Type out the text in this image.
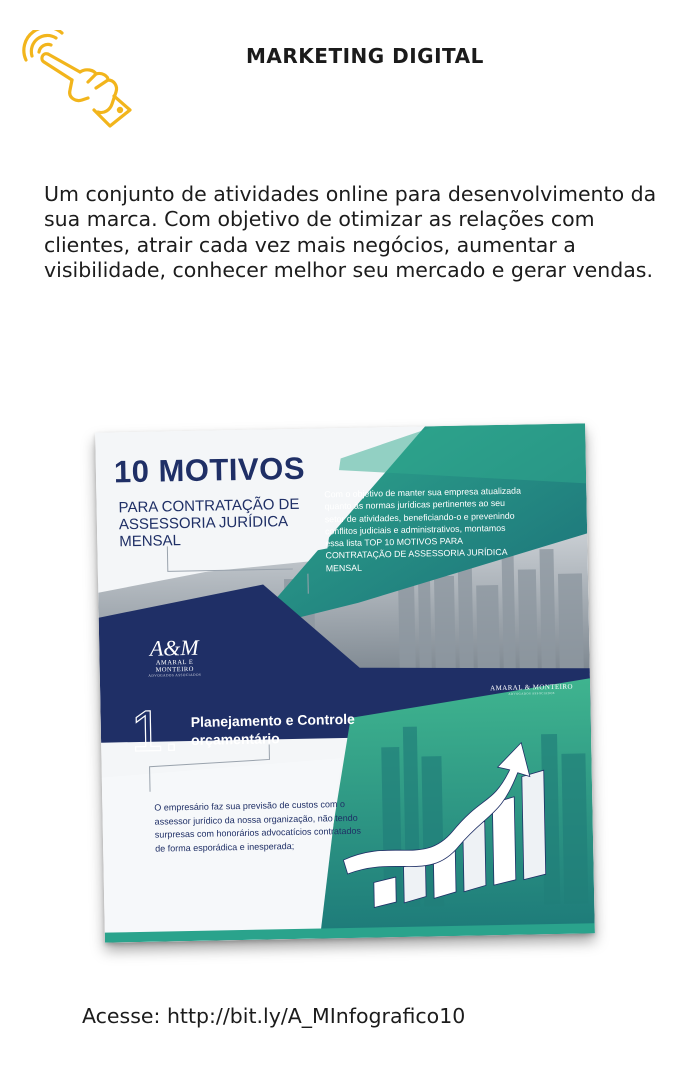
MARKETING DIGITAL

Um conjunto de atividades online para desenvolvimento da sua marca. Com objetivo de otimizar as relações com clientes, atrair cada vez mais negócios, aumentar a visibilidade, conhecer melhor seu mercado e gerar vendas.

10 MOTIVOS
PARA CONTRATAÇÃO DE ASSESSORIA JURÍDICA MENSAL
Com o objetivo de manter sua empresa atualizada quanto às normas jurídicas pertinentes ao seu setor de atividades, beneficiando-o e prevenindo conflitos judiciais e administrativos, montamos essa lista TOP 10 MOTIVOS PARA CONTRATAÇÃO DE ASSESSORIA JURÍDICA MENSAL
A&M
AMARAL E MONTEIRO
ADVOGADOS ASSOCIADOS
AMARAL & MONTEIRO
ADVOGADOS ASSOCIADOS
1. Planejamento e Controle orçamentário
O empresário faz sua previsão de custos com o assessor jurídico da nossa organização, não tendo surpresas com honorários advocatícios contratados de forma esporádica e inesperada;
Acesse: http://bit.ly/A_MInfografico10
